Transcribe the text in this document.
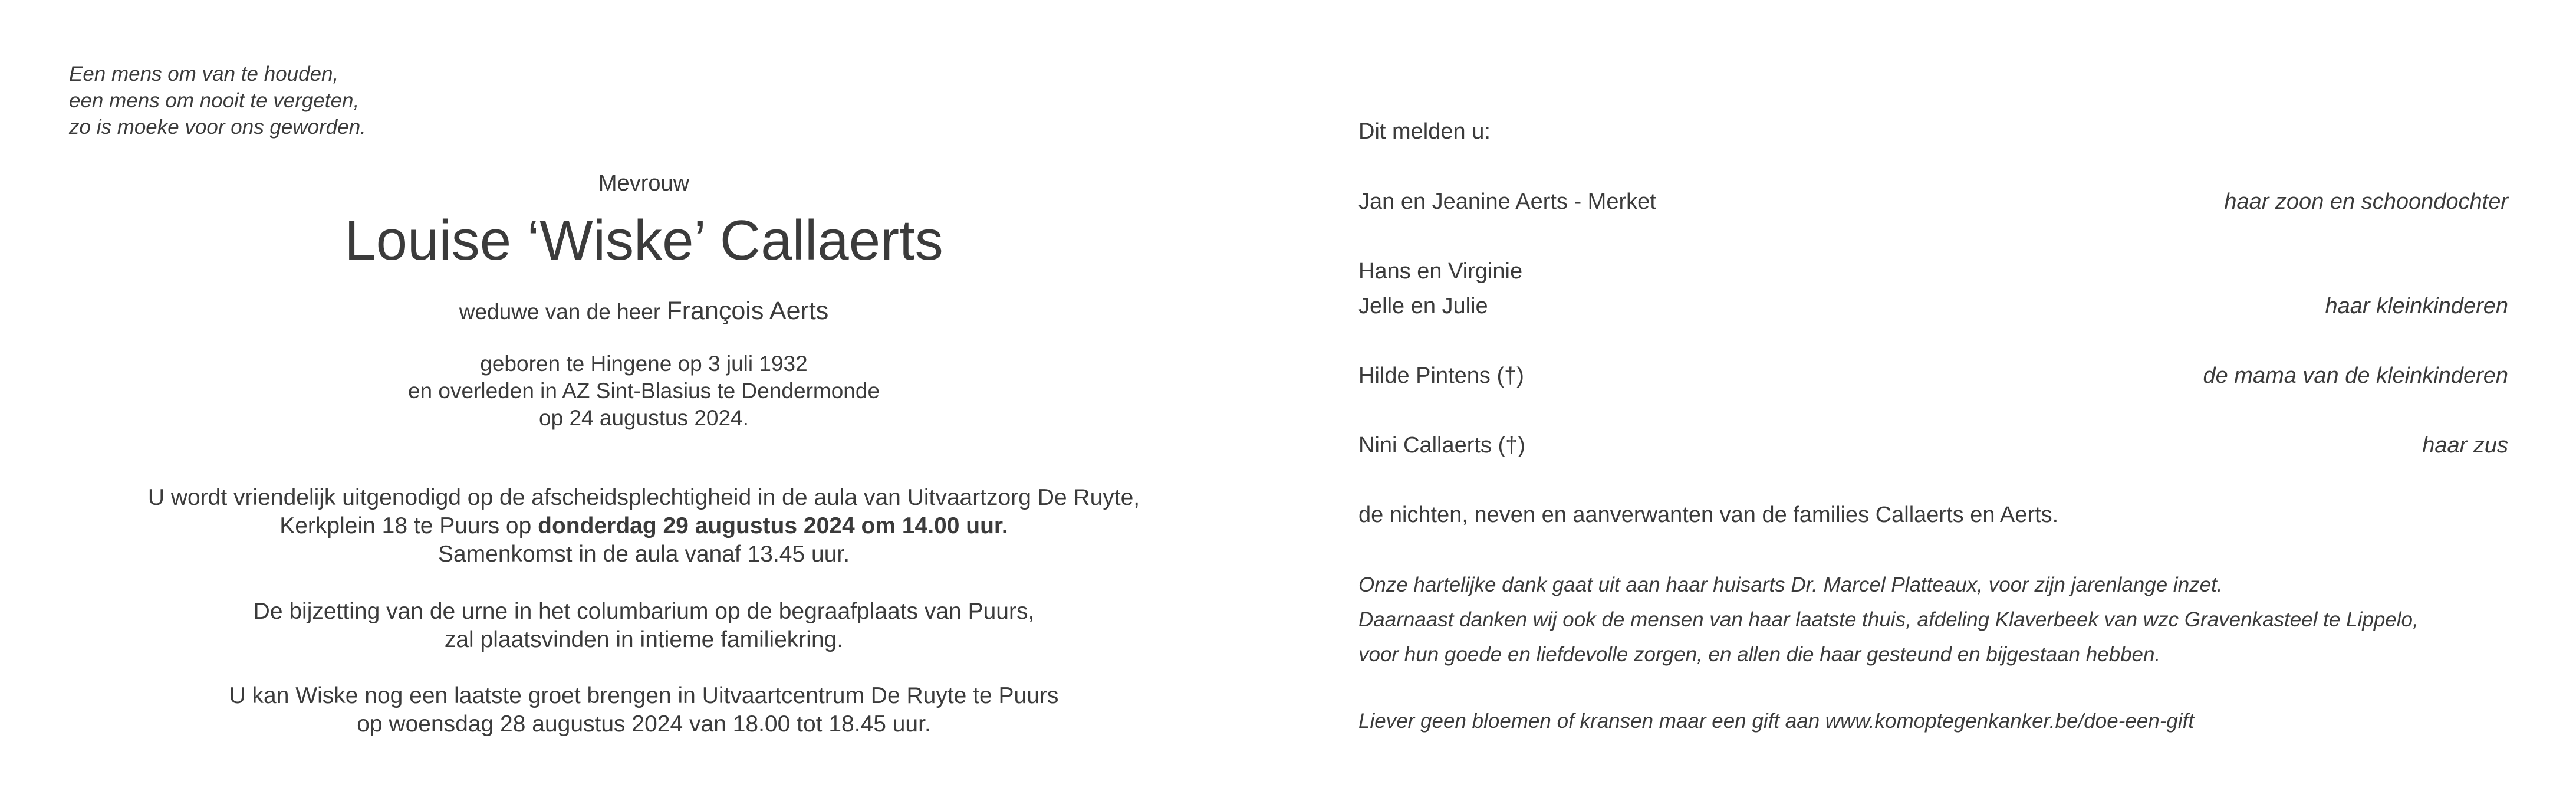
Een mens om van te houden,
een mens om nooit te vergeten,
zo is moeke voor ons geworden.
Mevrouw
Louise ‘Wiske’ Callaerts
weduwe van de heer François Aerts
geboren te Hingene op 3 juli 1932
en overleden in AZ Sint-Blasius te Dendermonde
op 24 augustus 2024.
U wordt vriendelijk uitgenodigd op de afscheidsplechtigheid in de aula van Uitvaartzorg De Ruyte,
Kerkplein 18 te Puurs op donderdag 29 augustus 2024 om 14.00 uur.
Samenkomst in de aula vanaf 13.45 uur.
De bijzetting van de urne in het columbarium op de begraafplaats van Puurs,
zal plaatsvinden in intieme familiekring.
U kan Wiske nog een laatste groet brengen in Uitvaartcentrum De Ruyte te Puurs
op woensdag 28 augustus 2024 van 18.00 tot 18.45 uur.
Dit melden u:
Jan en Jeanine Aerts - Merket	haar zoon en schoondochter
Hans en Virginie
Jelle en Julie	haar kleinkinderen
Hilde Pintens (†)	de mama van de kleinkinderen
Nini Callaerts (†)	haar zus
de nichten, neven en aanverwanten van de families Callaerts en Aerts.
Onze hartelijke dank gaat uit aan haar huisarts Dr. Marcel Platteaux, voor zijn jarenlange inzet.
Daarnaast danken wij ook de mensen van haar laatste thuis, afdeling Klaverbeek van wzc Gravenkasteel te Lippelo,
voor hun goede en liefdevolle zorgen, en allen die haar gesteund en bijgestaan hebben.
Liever geen bloemen of kransen maar een gift aan www.komoptegenkanker.be/doe-een-gift
